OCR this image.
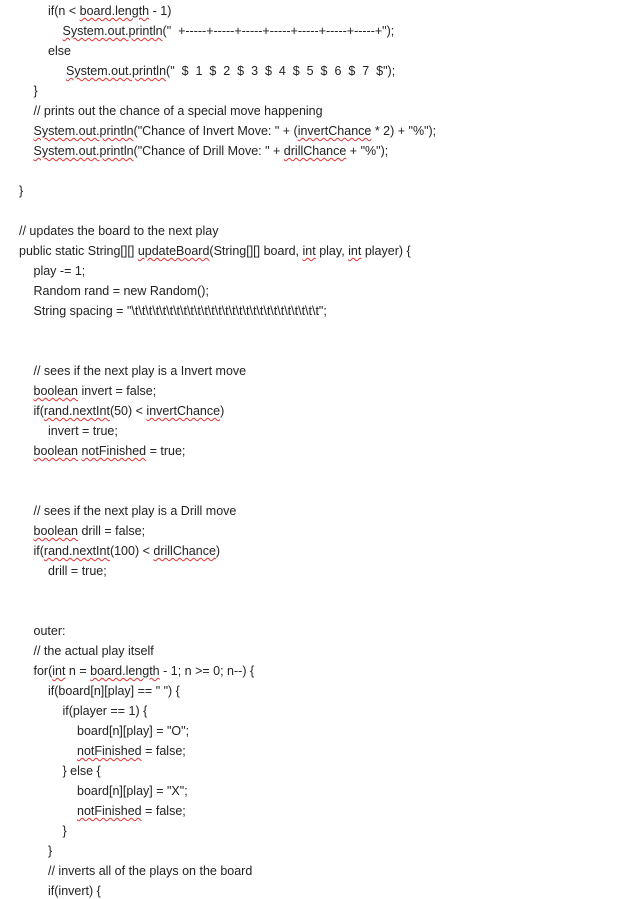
if(n < board.length - 1)
System.out.println("  +-----+-----+-----+-----+-----+-----+-----+");
else
System.out.println("  $  1  $  2  $  3  $  4  $  5  $  6  $  7  $");
}
// prints out the chance of a special move happening
System.out.println("Chance of Invert Move: " + (invertChance * 2) + "%");
System.out.println("Chance of Drill Move: " + drillChance + "%");
}
// updates the board to the next play
public static String[][] updateBoard(String[][] board, int play, int player) {
play -= 1;
Random rand = new Random();
String spacing = "\t\t\t\t\t\t\t\t\t\t\t\t\t\t\t\t\t\t\t\t\t\t\t\t\t\t\t";
// sees if the next play is a Invert move
boolean invert = false;
if(rand.nextInt(50) < invertChance)
invert = true;
boolean notFinished = true;
// sees if the next play is a Drill move
boolean drill = false;
if(rand.nextInt(100) < drillChance)
drill = true;
outer:
// the actual play itself
for(int n = board.length - 1; n >= 0; n--) {
if(board[n][play] == " ") {
if(player == 1) {
board[n][play] = "O";
notFinished = false;
} else {
board[n][play] = "X";
notFinished = false;
}
}
// inverts all of the plays on the board
if(invert) {
